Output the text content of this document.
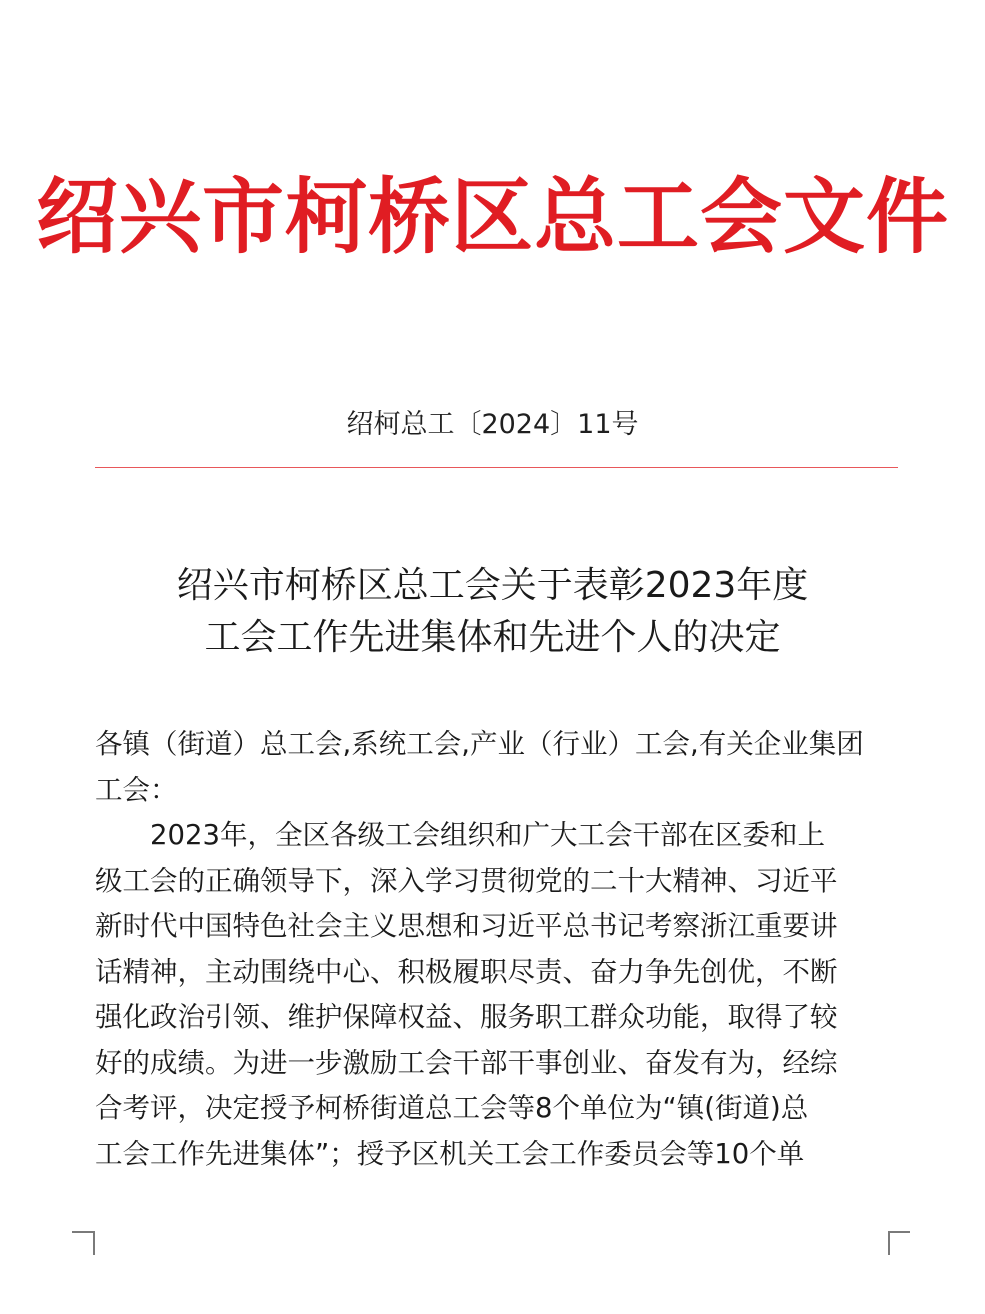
绍兴市柯桥区总工会文件
绍柯总工〔2024〕11号
绍兴市柯桥区总工会关于表彰2023年度
工会工作先进集体和先进个人的决定
各镇（街道）总工会,系统工会,产业（行业）工会,有关企业集团
工会：
　　2023年，全区各级工会组织和广大工会干部在区委和上
级工会的正确领导下，深入学习贯彻党的二十大精神、习近平
新时代中国特色社会主义思想和习近平总书记考察浙江重要讲
话精神，主动围绕中心、积极履职尽责、奋力争先创优，不断
强化政治引领、维护保障权益、服务职工群众功能，取得了较
好的成绩。为进一步激励工会干部干事创业、奋发有为，经综
合考评，决定授予柯桥街道总工会等8个单位为“镇(街道)总
工会工作先进集体”；授予区机关工会工作委员会等10个单
